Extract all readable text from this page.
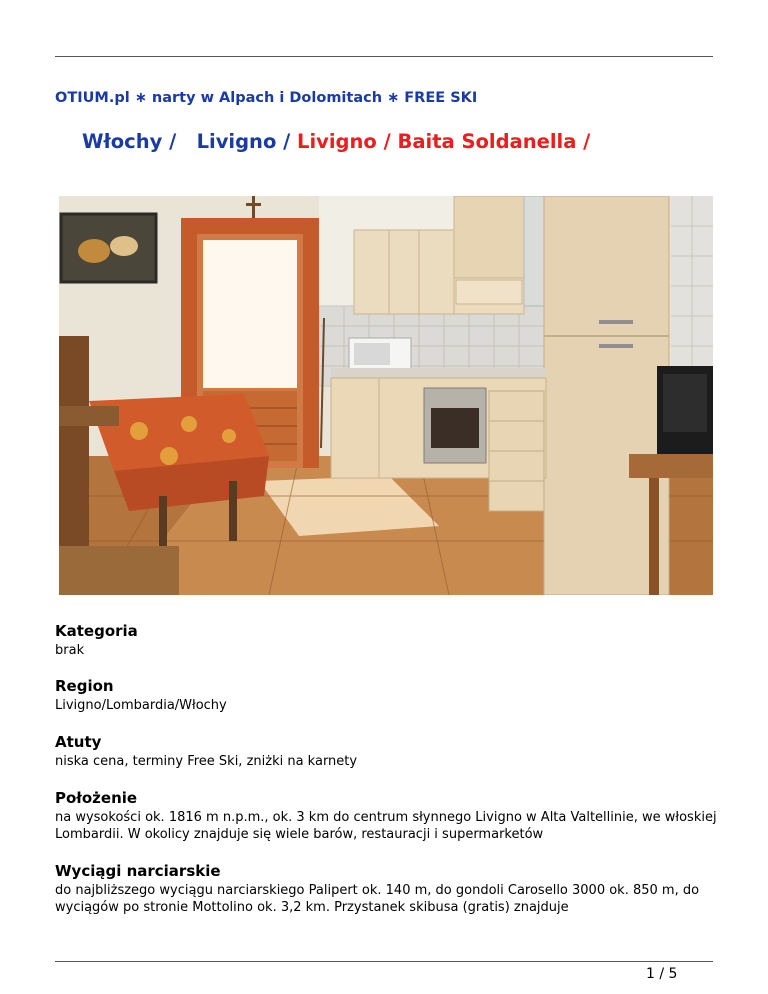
OTIUM.pl ∗ narty w Alpach i Dolomitach ∗ FREE SKI
Włochy / Livigno / Livigno / Baita Soldanella /
Kategoria

brak

Region

Livigno/Lombardia/Włochy

Atuty

niska cena, terminy Free Ski, zniżki na karnety

Położenie

na wysokości ok. 1816 m n.p.m., ok. 3 km do centrum słynnego Livigno w Alta Valtellinie, we włoskiej Lombardii. W okolicy znajduje się wiele barów, restauracji i supermarketów

Wyciągi narciarskie

do najbliższego wyciągu narciarskiego Palipert ok. 140 m, do gondoli Carosello 3000 ok. 850 m, do wyciągów po stronie Mottolino ok. 3,2 km. Przystanek skibusa (gratis) znajduje

1 / 5
